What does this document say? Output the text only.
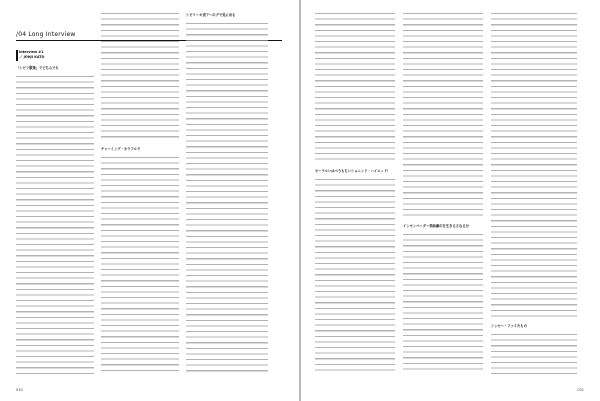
/04 Long Interview
Interview #1
／ JOHJI KATO
「シビリ歌集」でどちらでも
チャーミング・カラフルで
シビリーキ表アーのグで見に出る
030
モーラルいはべうもちいショニンド・ハイエッド！
インセンベーダー楽曲劇のを生きるさなる分
シンセー・ファイたもの
031
